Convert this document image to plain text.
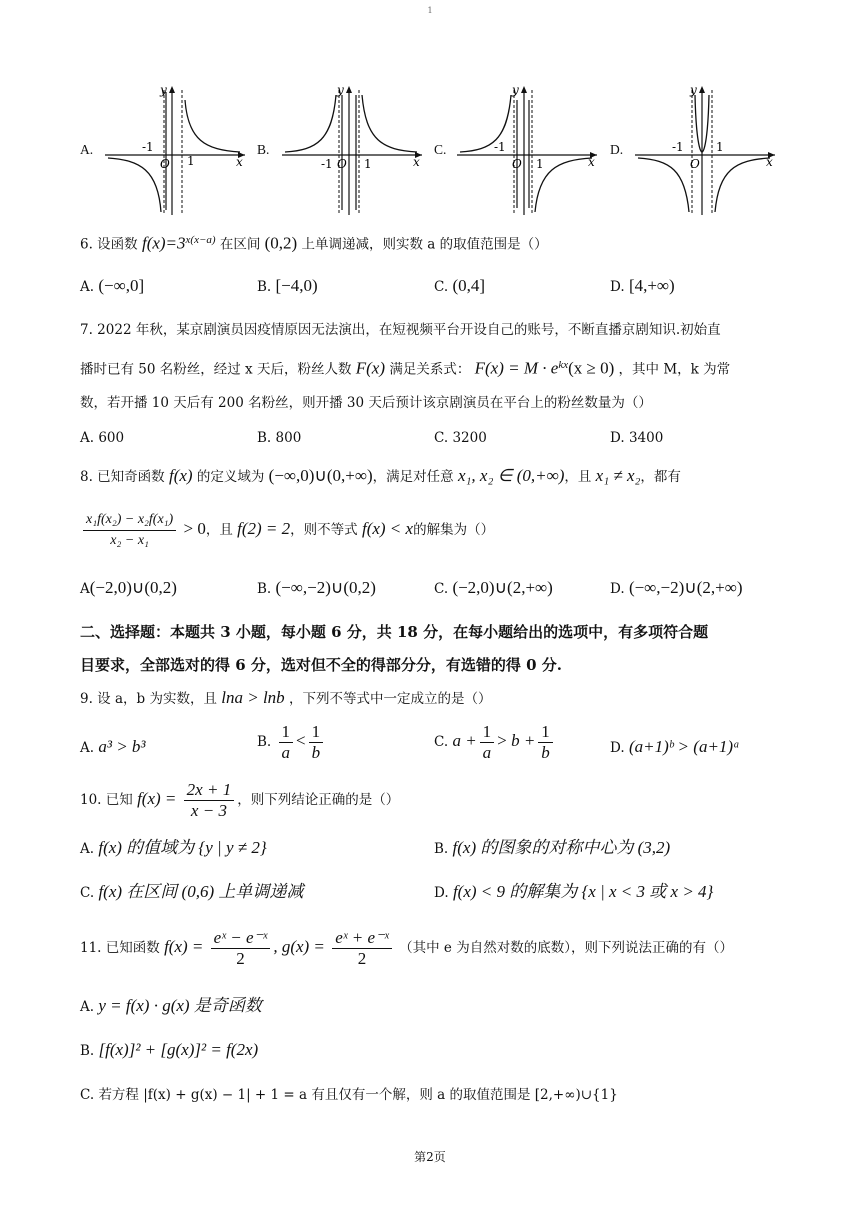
1
A.	B.	C.	D.
-1
O 1	x
y
-1 O 1	x
y
-1
O 1	x
y
-1
O
1
x
y
6. 设函数 $f(x)=3^{x(x-a)}$ 在区间 (0,2) 上单调递减，则实数 a 的取值范围是（）
A. (−∞,0]	B. [−4,0)	C. (0,4]	D. [4,+∞)
7. 2022 年秋，某京剧演员因疫情原因无法演出，在短视频平台开设自己的账号，不断直播京剧知识.初始直
播时已有 50 名粉丝，经过 x 天后，粉丝人数 F(x) 满足关系式： $F(x) = M \cdot e^{kx}(x \ge 0)$ ，其中 M，k 为常
数，若开播 10 天后有 200 名粉丝，则开播 30 天后预计该京剧演员在平台上的粉丝数量为（）
A. 600	B. 800	C. 3200	D. 3400
8. 已知奇函数 f(x) 的定义域为 (−∞,0)∪(0,+∞)，满足对任意 x₁, x₂ ∈ (0,+∞)，且 x₁ ≠ x₂，都有
$\frac{\text{x₁f(x₂) − x₂f(x₁)}}{\text{x₂ − x₁}} > 0$，且 f(2) = 2，则不等式 f(x) < x的解集为（）
A(−2,0)∪(0,2)	B. (−∞,−2)∪(0,2)	C. (−2,0)∪(2,+∞)	D. (−∞,−2)∪(2,+∞)
二、选择题：本题共 3 小题，每小题 6 分，共 18 分，在每小题给出的选项中，有多项符合题
目要求，全部选对的得 6 分，选对但不全的得部分分，有选错的得 0 分.
9. 设 a，b 为实数，且 lna > lnb ，下列不等式中一定成立的是（）
A. a³ > b³	B. $\frac{1}{a} < \frac{1}{b}$	C. $a + \frac{1}{a} > b + \frac{1}{b}$	D. (a+1)ᵇ > (a+1)ᵃ
10. 已知 $f(x) = \frac{2x + 1}{x - 3}$ ，则下列结论正确的是（）
A. f(x) 的值域为 {y | y ≠ 2}	B. f(x) 的图象的对称中心为 (3,2)
C. f(x) 在区间 (0,6) 上单调递减	D. f(x) < 9 的解集为 {x | x < 3 或 x > 4}
11. 已知函数 $f(x) = \frac{\text{eˣ − e⁻ˣ}}{2}$ , $g(x) = \frac{\text{eˣ + e⁻ˣ}}{2}$ （其中 e 为自然对数的底数），则下列说法正确的有（）
A. y = f(x) · g(x) 是奇函数
B. [f(x)]² + [g(x)]² = f(2x)
C. 若方程 |f(x) + g(x) − 1| + 1 = a 有且仅有一个解，则 a 的取值范围是 [2,+∞)∪{1}
第2页
